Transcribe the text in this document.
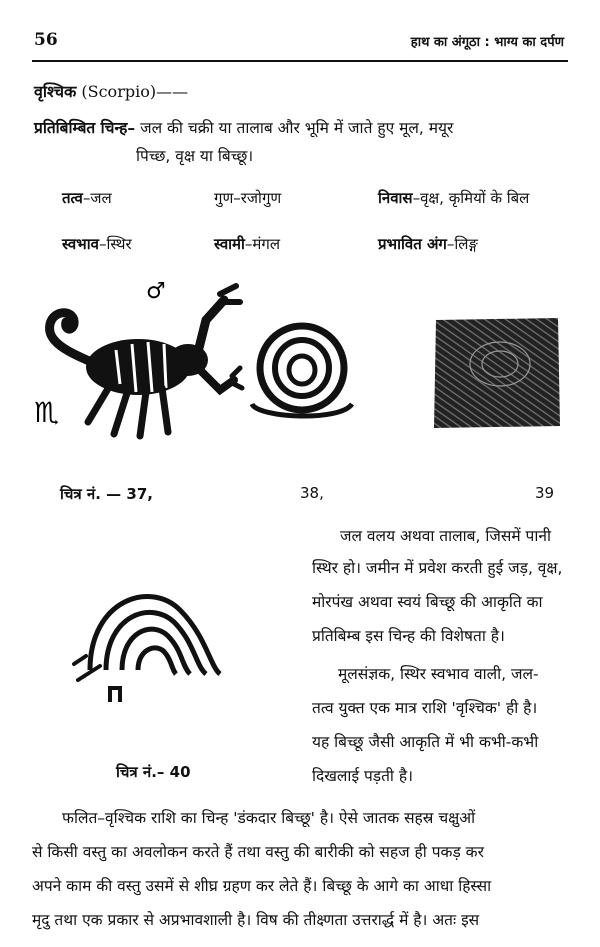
56	हाथ का अंगूठा : भाग्य का दर्पण
वृश्चिक (Scorpio)——
प्रतिबिम्बित चिन्ह– जल की चक्री या तालाब और भूमि में जाते हुए मूल, मयूर
पिच्छ, वृक्ष या बिच्छू।
तत्व–जल	गुण–रजोगुण	निवास–वृक्ष, कृमियों के बिल
स्वभाव–स्थिर	स्वामी–मंगल	प्रभावित अंग–लिङ्ग
♂
♏
चित्र नं. — 37,	38,	39
चित्र नं.– 40
जल वलय अथवा तालाब, जिसमें पानी
स्थिर हो। जमीन में प्रवेश करती हुई जड़, वृक्ष,
मोरपंख अथवा स्वयं बिच्छू की आकृति का
प्रतिबिम्ब इस चिन्ह की विशेषता है।
मूलसंज्ञक, स्थिर स्वभाव वाली, जल-
तत्व युक्त एक मात्र राशि 'वृश्चिक' ही है।
यह बिच्छू जैसी आकृति में भी कभी-कभी
दिखलाई पड़ती है।
फलित–वृश्चिक राशि का चिन्ह 'डंकदार बिच्छू' है। ऐसे जातक सहस्र चक्षुओं
से किसी वस्तु का अवलोकन करते हैं तथा वस्तु की बारीकी को सहज ही पकड़ कर
अपने काम की वस्तु उसमें से शीघ्र ग्रहण कर लेते हैं। बिच्छू के आगे का आधा हिस्सा
मृदु तथा एक प्रकार से अप्रभावशाली है। विष की तीक्ष्णता उत्तरार्द्ध में है। अतः इस
